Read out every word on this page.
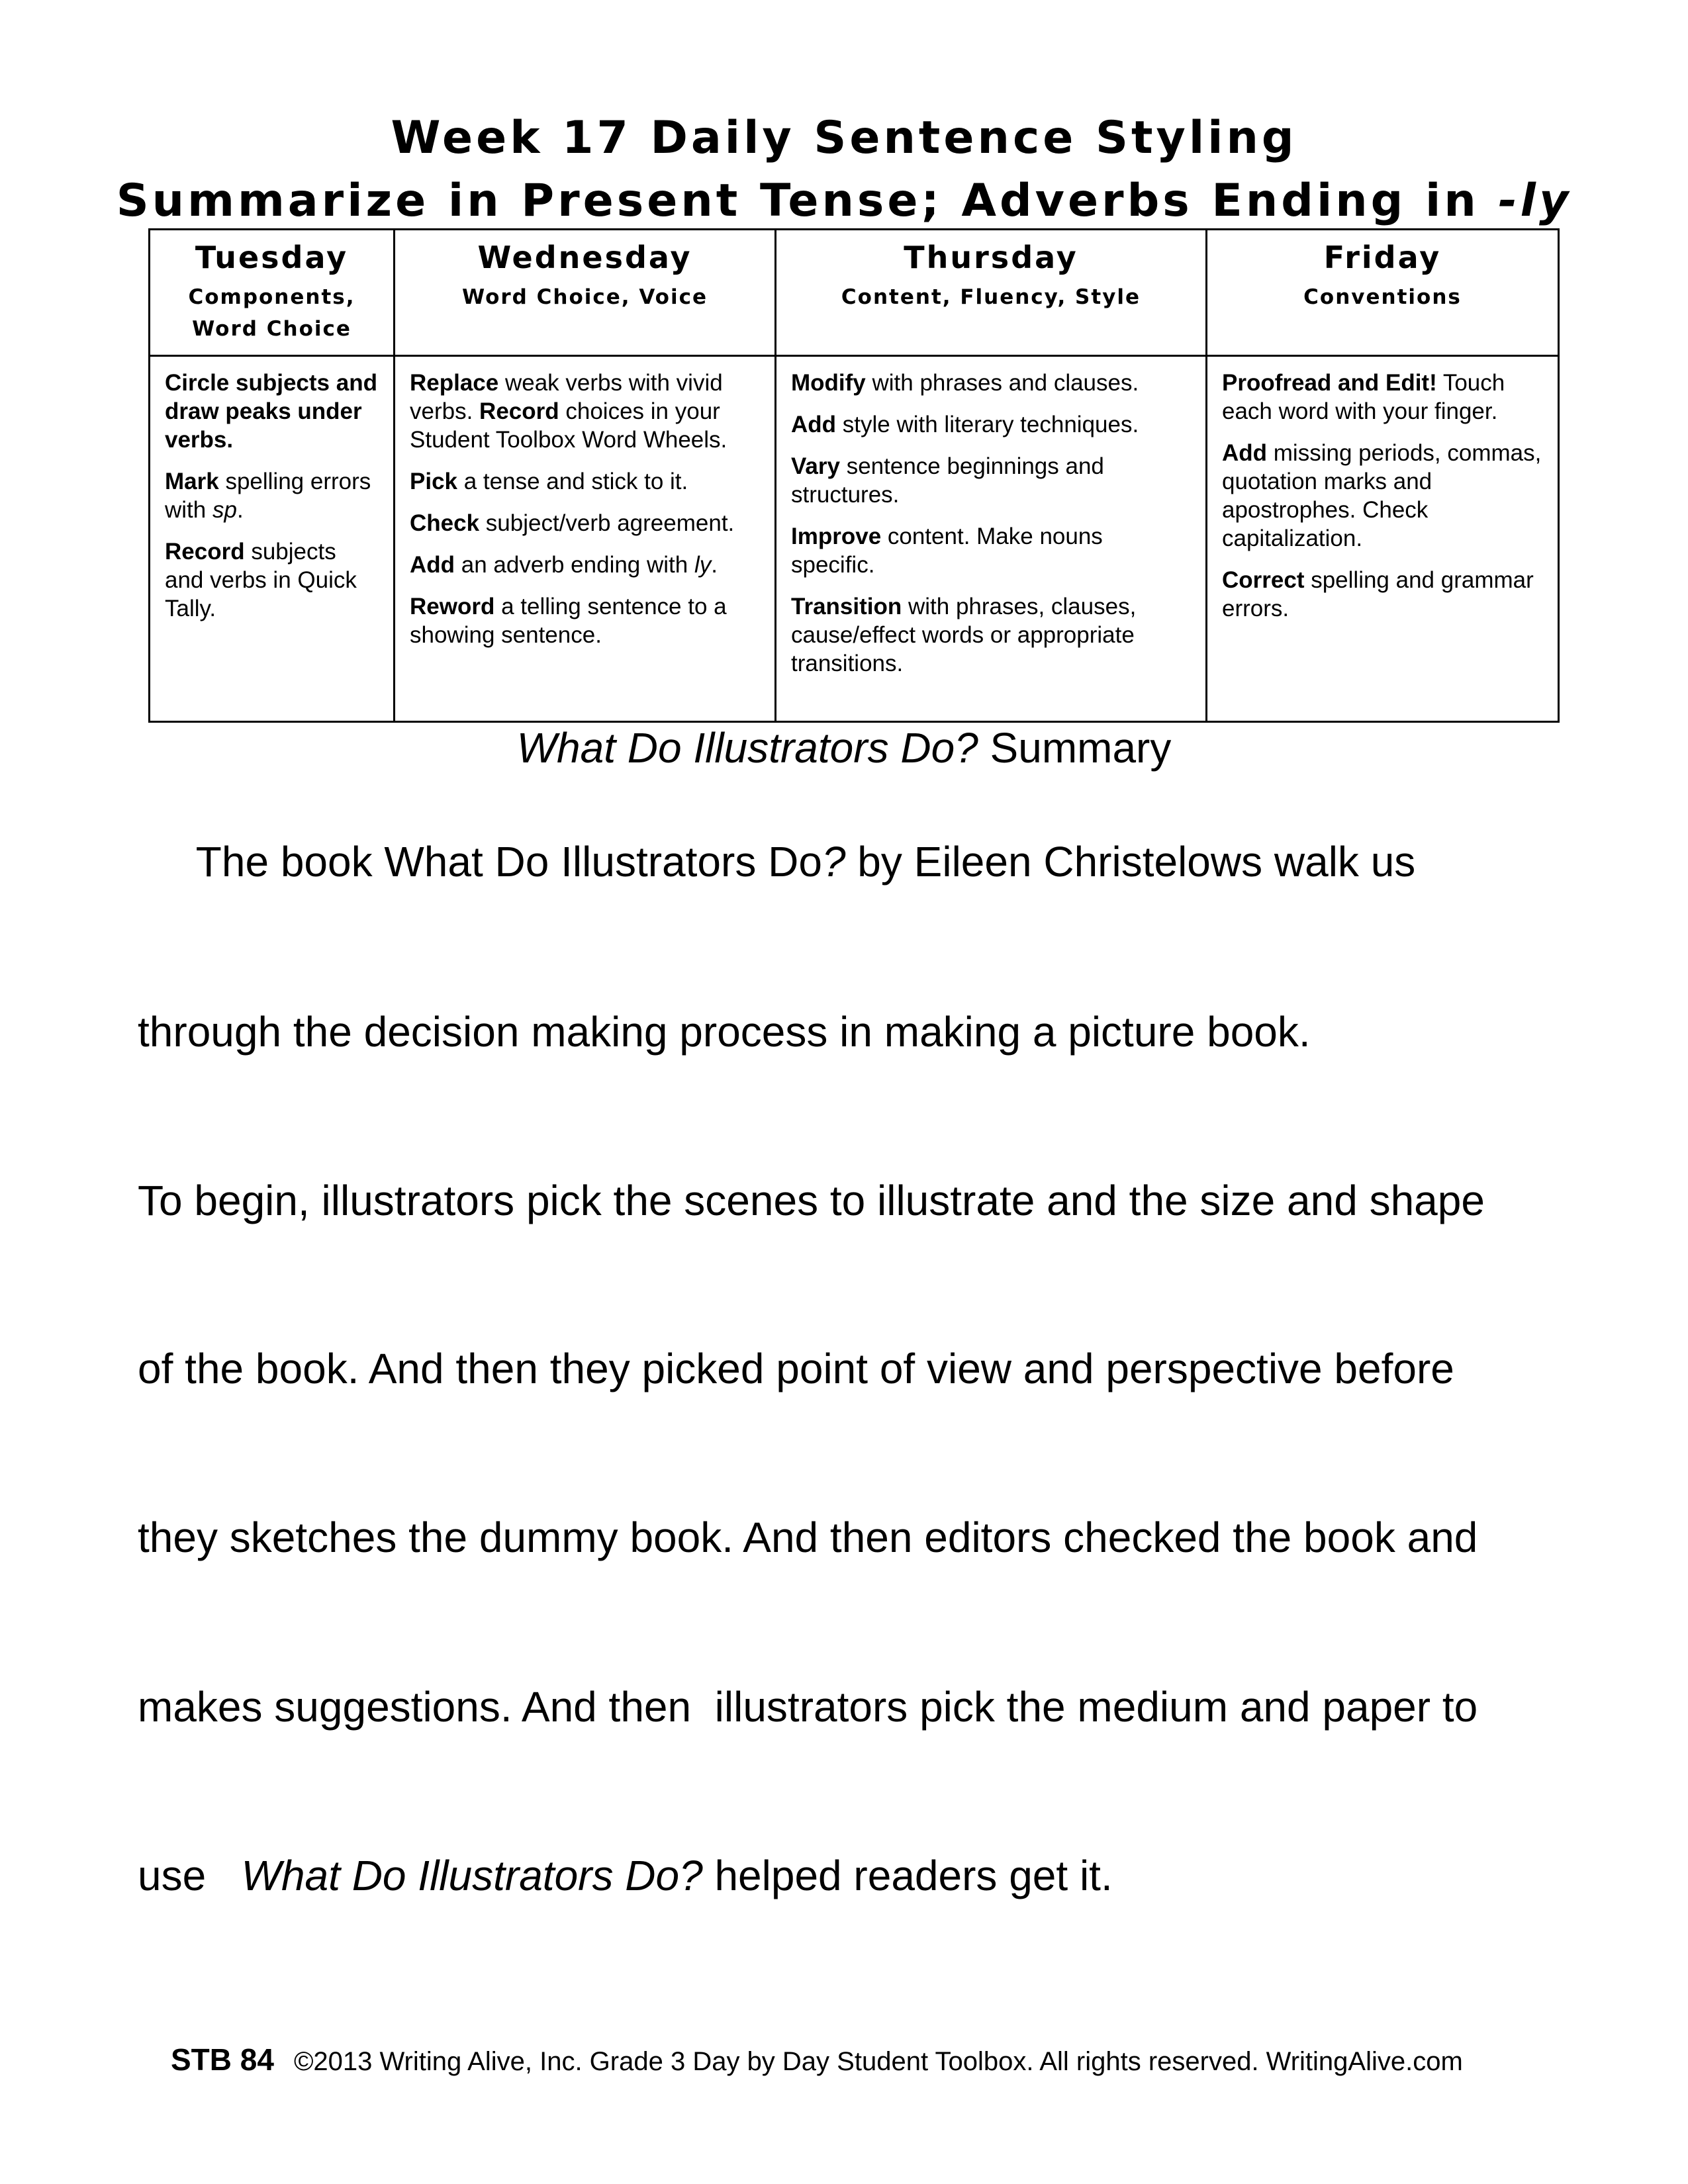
Week 17 Daily Sentence Styling
Summarize in Present Tense; Adverbs Ending in -ly
Tuesday
Components, Word Choice
Wednesday
Word Choice, Voice
Thursday
Content, Fluency, Style
Friday
Conventions
Circle subjects and draw peaks under verbs.
Mark spelling errors with sp.
Record subjects and verbs in Quick Tally.
Replace weak verbs with vivid verbs. Record choices in your Student Toolbox Word Wheels.
Pick a tense and stick to it.
Check subject/verb agreement.
Add an adverb ending with ly.
Reword a telling sentence to a showing sentence.
Modify with phrases and clauses.
Add style with literary techniques.
Vary sentence beginnings and structures.
Improve content. Make nouns specific.
Transition with phrases, clauses, cause/effect words or appropriate transitions.
Proofread and Edit! Touch each word with your finger.
Add missing periods, commas, quotation marks and apostrophes. Check capitalization.
Correct spelling and grammar errors.
What Do Illustrators Do? Summary
The book What Do Illustrators Do? by Eileen Christelows walk us
through the decision making process in making a picture book.
To begin, illustrators pick the scenes to illustrate and the size and shape
of the book. And then they picked point of view and perspective before
they sketches the dummy book. And then editors checked the book and
makes suggestions. And then  illustrators pick the medium and paper to
use   What Do Illustrators Do? helped readers get it.
STB 84 ©2013 Writing Alive, Inc. Grade 3 Day by Day Student Toolbox. All rights reserved. WritingAlive.com
